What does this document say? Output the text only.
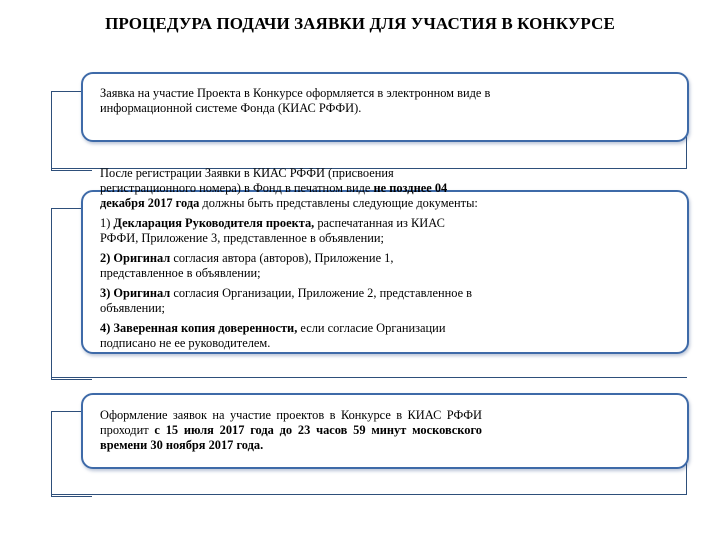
ПРОЦЕДУРА ПОДАЧИ ЗАЯВКИ ДЛЯ УЧАСТИЯ В КОНКУРСЕ

Заявка на участие Проекта в Конкурсе оформляется в электронном виде в информационной системе Фонда (КИАС РФФИ).

После регистрации Заявки в КИАС РФФИ (присвоения регистрационного номера) в Фонд в печатном виде не позднее 04 декабря 2017 года должны быть представлены следующие документы:

1) Декларация Руководителя проекта, распечатанная из КИАС РФФИ, Приложение 3, представленное в объявлении;

2) Оригинал согласия автора (авторов), Приложение 1, представленное в объявлении;

3) Оригинал согласия Организации, Приложение 2, представленное в объявлении;

4) Заверенная копия доверенности, если согласие Организации подписано не ее руководителем.

Оформление заявок на участие проектов в Конкурсе в КИАС РФФИ проходит с 15 июля 2017 года до 23 часов 59 минут московского времени 30 ноября 2017 года.
